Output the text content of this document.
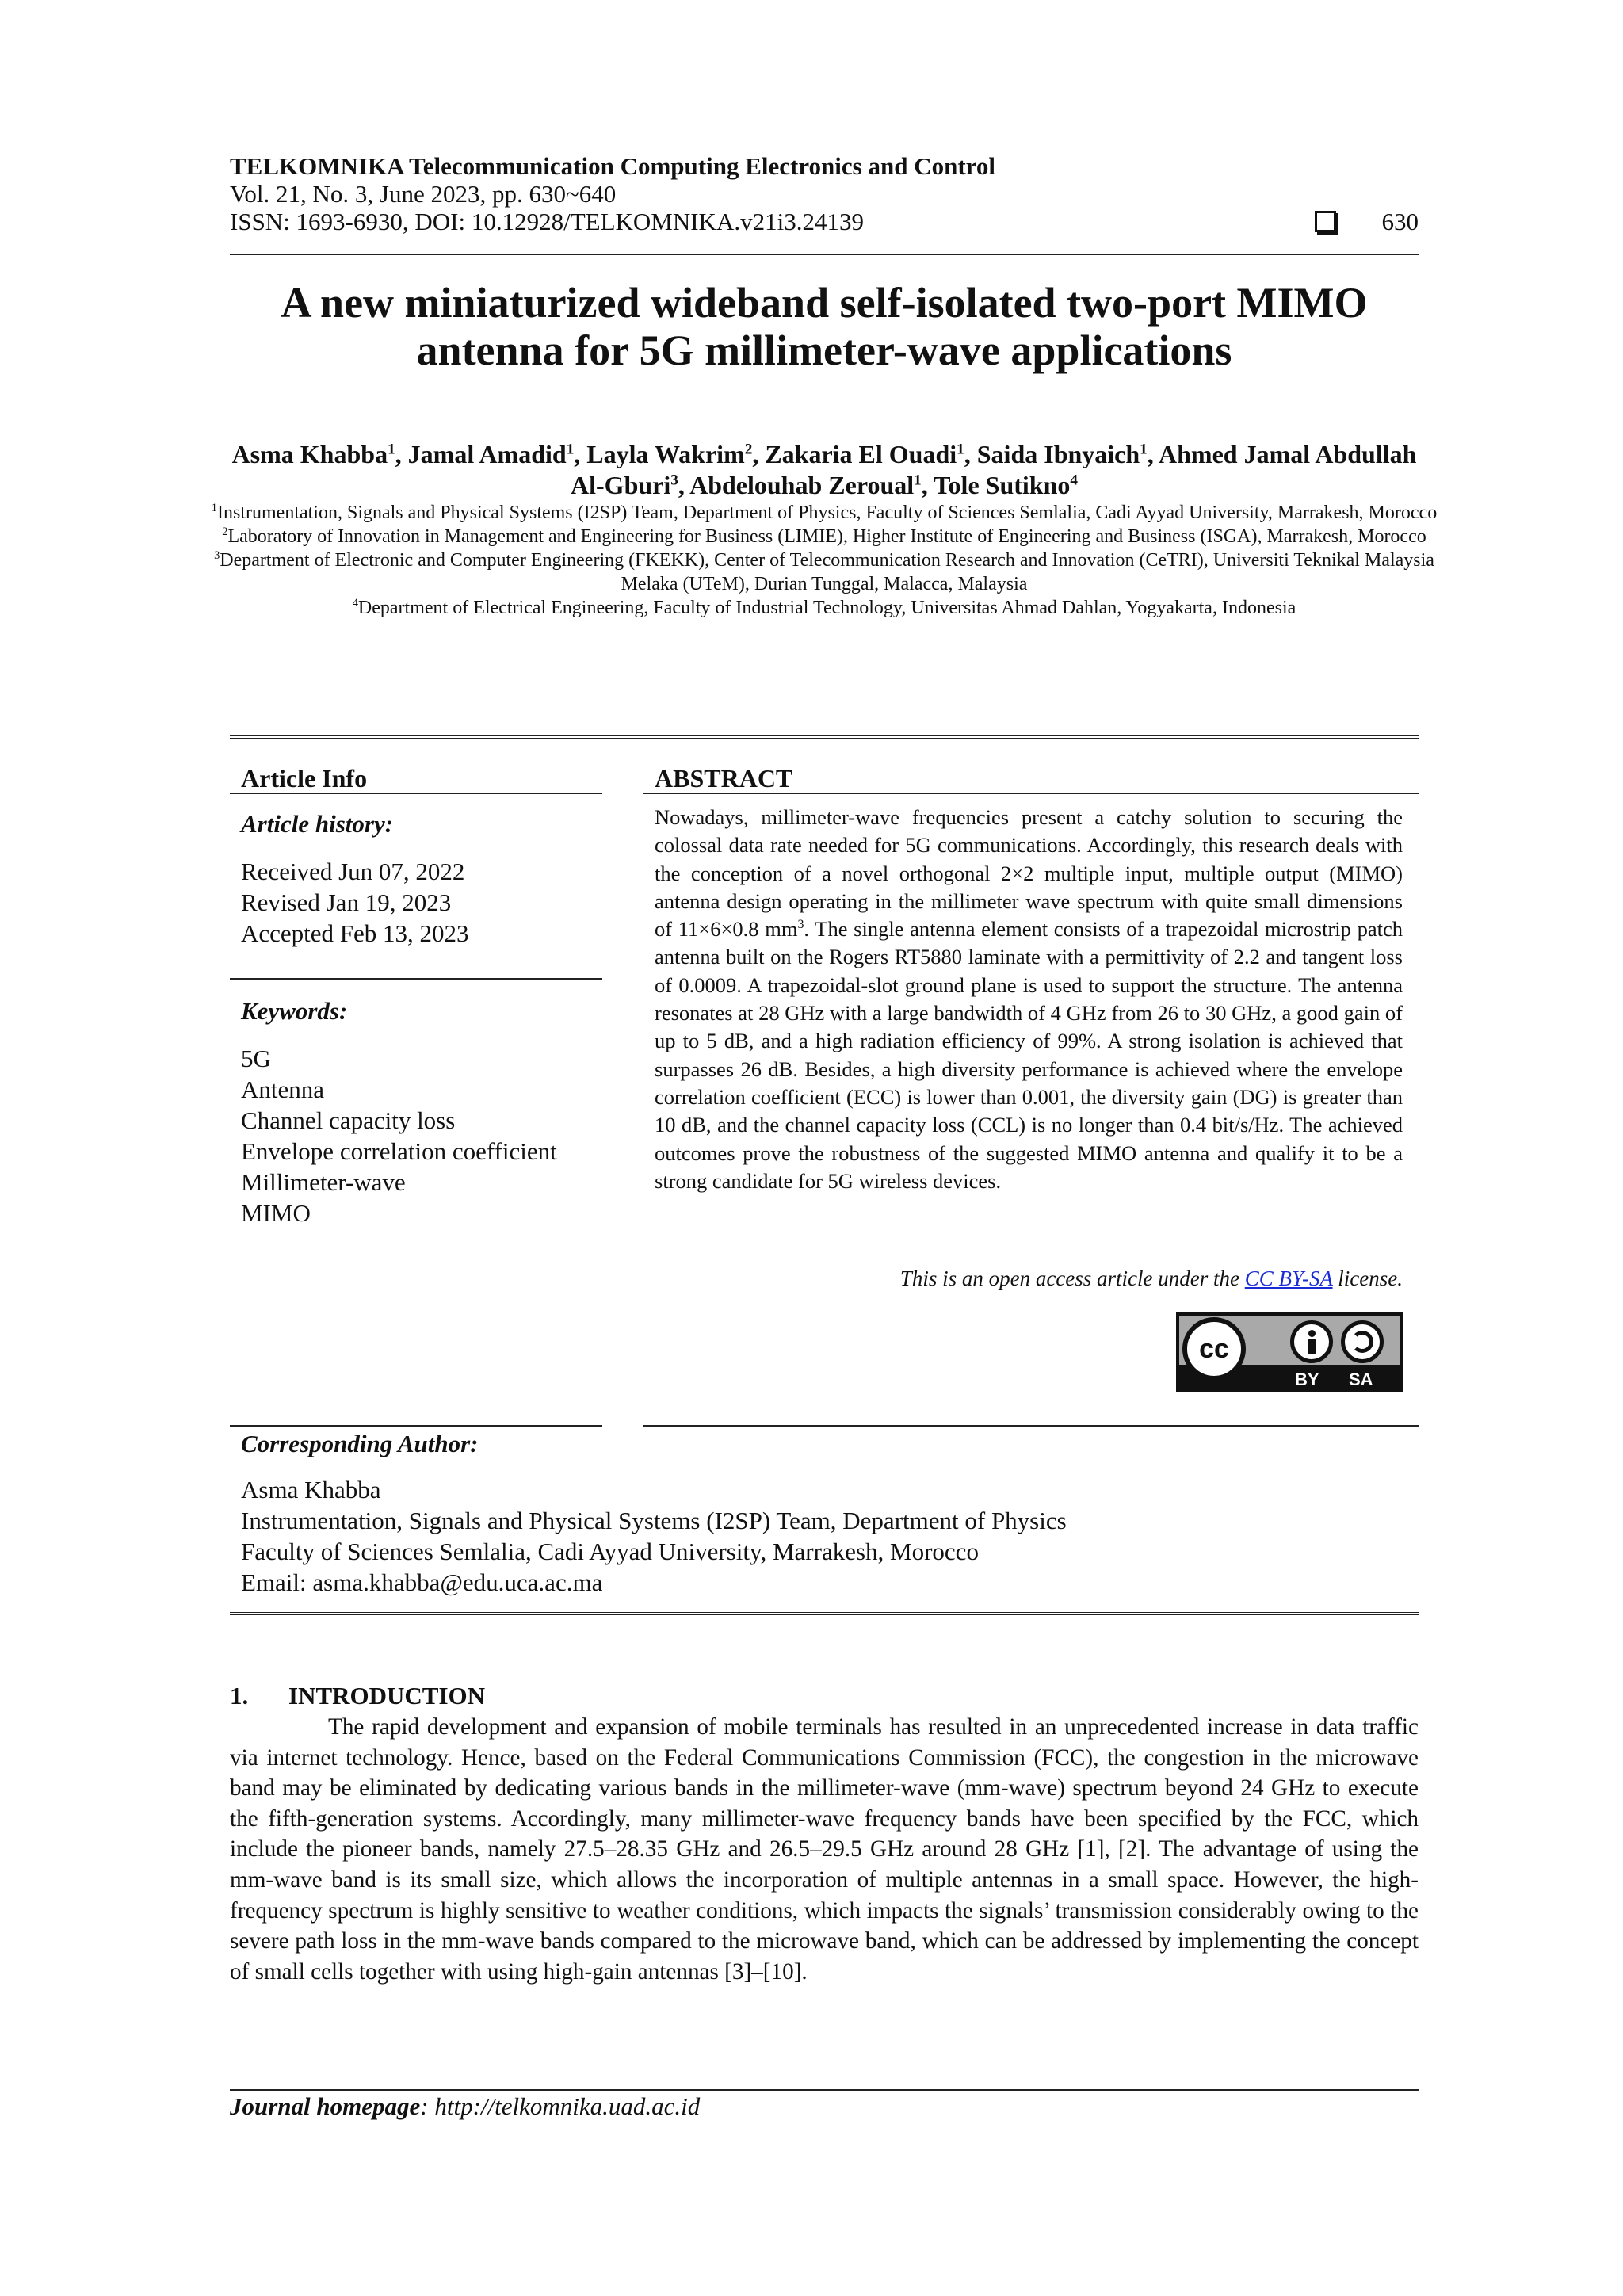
TELKOMNIKA Telecommunication Computing Electronics and Control
Vol. 21, No. 3, June 2023, pp. 630~640
ISSN: 1693-6930, DOI: 10.12928/TELKOMNIKA.v21i3.24139	630
A new miniaturized wideband self-isolated two-port MIMO
antenna for 5G millimeter-wave applications
Asma Khabba$^1$, Jamal Amadid$^1$, Layla Wakrim$^2$, Zakaria El Ouadi$^1$, Saida Ibnyaich$^1$, Ahmed Jamal Abdullah Al-Gburi$^3$, Abdelouhab Zeroual$^1$, Tole Sutikno$^4$

$^1$Instrumentation, Signals and Physical Systems (I2SP) Team, Department of Physics, Faculty of Sciences Semlalia, Cadi Ayyad University, Marrakesh, Morocco

$^2$Laboratory of Innovation in Management and Engineering for Business (LIMIE), Higher Institute of Engineering and Business (ISGA), Marrakesh, Morocco

$^3$Department of Electronic and Computer Engineering (FKEKK), Center of Telecommunication Research and Innovation (CeTRI), Universiti Teknikal Malaysia Melaka (UTeM), Durian Tunggal, Malacca, Malaysia

$^4$Department of Electrical Engineering, Faculty of Industrial Technology, Universitas Ahmad Dahlan, Yogyakarta, Indonesia

Article Info	ABSTRACT
Article history:
Received Jun 07, 2022
Revised Jan 19, 2023
Accepted Feb 13, 2023
Keywords:
5G
Antenna
Channel capacity loss
Envelope correlation coefficient
Millimeter-wave
MIMO
Nowadays, millimeter-wave frequencies present a catchy solution to securing the colossal data rate needed for 5G communications. Accordingly, this research deals with the conception of a novel orthogonal 2×2 multiple input, multiple output (MIMO) antenna design operating in the millimeter wave spectrum with quite small dimensions of 11×6×0.8 $mm^3$. The single antenna element consists of a trapezoidal microstrip patch antenna built on the Rogers RT5880 laminate with a permittivity of 2.2 and tangent loss of 0.0009. A trapezoidal-slot ground plane is used to support the structure. The antenna resonates at 28 GHz with a large bandwidth of 4 GHz from 26 to 30 GHz, a good gain of up to 5 dB, and a high radiation efficiency of 99%. A strong isolation is achieved that surpasses 26 dB. Besides, a high diversity performance is achieved where the envelope correlation coefficient (ECC) is lower than 0.001, the diversity gain (DG) is greater than 10 dB, and the channel capacity loss (CCL) is no longer than 0.4 bit/s/Hz. The achieved outcomes prove the robustness of the suggested MIMO antenna and qualify it to be a strong candidate for 5G wireless devices.
This is an open access article under the CC BY-SA license.
cc
BY SA
Corresponding Author:
Asma Khabba
Instrumentation, Signals and Physical Systems (I2SP) Team, Department of Physics
Faculty of Sciences Semlalia, Cadi Ayyad University, Marrakesh, Morocco
Email: asma.khabba@edu.uca.ac.ma
1. INTRODUCTION
The rapid development and expansion of mobile terminals has resulted in an unprecedented increase in data traffic via internet technology. Hence, based on the Federal Communications Commission (FCC), the congestion in the microwave band may be eliminated by dedicating various bands in the millimeter-wave (mm-wave) spectrum beyond 24 GHz to execute the fifth-generation systems. Accordingly, many millimeter-wave frequency bands have been specified by the FCC, which include the pioneer bands, namely 27.5–28.35 GHz and 26.5–29.5 GHz around 28 GHz [1], [2]. The advantage of using the mm-wave band is its small size, which allows the incorporation of multiple antennas in a small space. However, the high-frequency spectrum is highly sensitive to weather conditions, which impacts the signals’ transmission considerably owing to the severe path loss in the mm-wave bands compared to the microwave band, which can be addressed by implementing the concept of small cells together with using high-gain antennas [3]–[10].
Journal homepage: http://telkomnika.uad.ac.id
